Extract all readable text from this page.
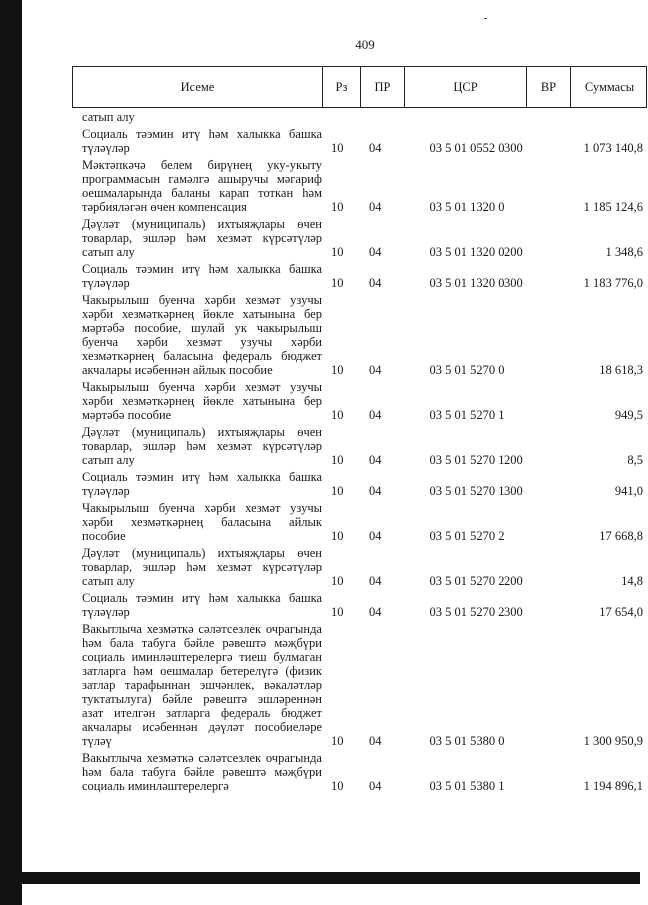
409
Исеме	Рз	ПР	ЦСР	ВР	Суммасы
сатып алу
Социаль тәэмин итү һәм халыкка башка түләүләр	10 04	03 5 01 0552 0 300	1 073 140,8
Мәктәпкәчә белем бирүнең уку-укыту программасын гамәлгә ашыручы мәгариф оешмаларында баланы карап тоткан һәм тәрбияләгән өчен компенсация	10 04	03 5 01 1320 0	1 185 124,6
Дәүләт (муниципаль) ихтыяҗлары өчен товарлар, эшләр һәм хезмәт күрсәтүләр сатып алу	10 04	03 5 01 1320 0 200	1 348,6
Социаль тәэмин итү һәм халыкка башка түләүләр	10 04	03 5 01 1320 0 300	1 183 776,0
Чакырылыш буенча хәрби хезмәт узучы хәрби хезмәткәрнең йөкле хатынына бер мәртәбә пособие, шулай ук чакырылыш буенча хәрби хезмәт узучы хәрби хезмәткәрнең баласына федераль бюджет акчалары исәбеннән айлык пособие	10 04	03 5 01 5270 0	18 618,3
Чакырылыш буенча хәрби хезмәт узучы хәрби хезмәткәрнең йөкле хатынына бер мәртәбә пособие	10 04	03 5 01 5270 1	949,5
Дәүләт (муниципаль) ихтыяҗлары өчен товарлар, эшләр һәм хезмәт күрсәтүләр сатып алу	10 04	03 5 01 5270 1 200	8,5
Социаль тәэмин итү һәм халыкка башка түләүләр	10 04	03 5 01 5270 1 300	941,0
Чакырылыш буенча хәрби хезмәт узучы хәрби хезмәткәрнең баласына айлык пособие	10 04	03 5 01 5270 2	17 668,8
Дәүләт (муниципаль) ихтыяҗлары өчен товарлар, эшләр һәм хезмәт күрсәтүләр сатып алу	10 04	03 5 01 5270 2 200	14,8
Социаль тәэмин итү һәм халыкка башка түләүләр	10 04	03 5 01 5270 2 300	17 654,0
Вакытлыча хезмәткә сәләтсезлек очрагында һәм бала табуга бәйле рәвештә мәҗбүри социаль иминләштерелергә тиеш булмаган затларга һәм оешмалар бетерелүгә (физик затлар тарафыннан эшчәнлек, вәкаләтләр туктатылуга) бәйле рәвештә эшләреннән азат ителгән затларга федераль бюджет акчалары исәбеннән дәүләт пособиеләре түләү	10 04	03 5 01 5380 0	1 300 950,9
Вакытлыча хезмәткә сәләтсезлек очрагында һәм бала табуга бәйле рәвештә мәҗбүри социаль иминләштерелергә	10 04	03 5 01 5380 1	1 194 896,1
